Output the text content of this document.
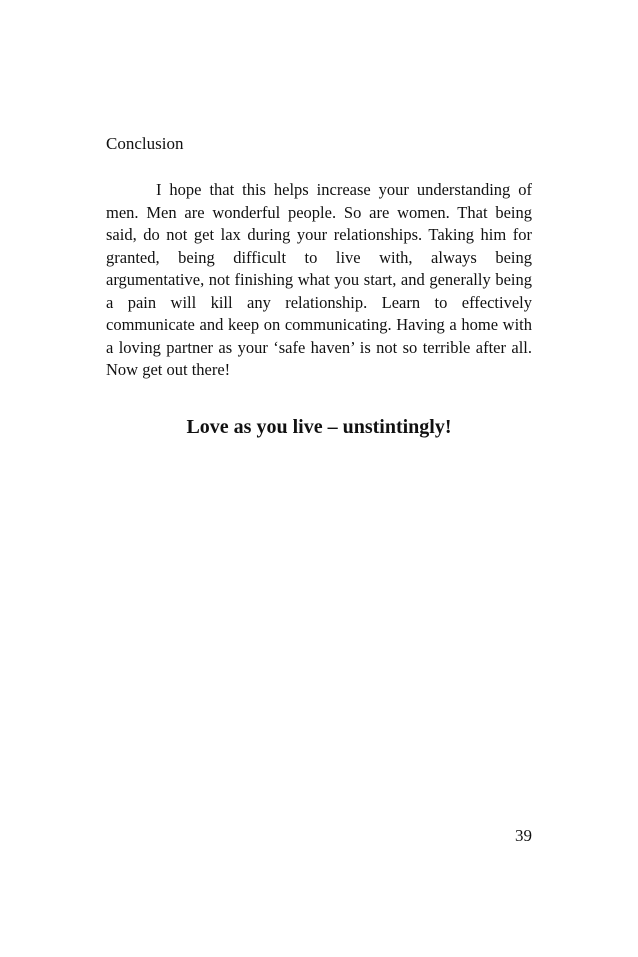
Conclusion

I hope that this helps increase your understanding of men. Men are wonderful people. So are women. That being said, do not get lax during your relationships. Taking him for granted, being difficult to live with, always being argumentative, not finishing what you start, and generally being a pain will kill any relationship. Learn to effectively communicate and keep on communicating. Having a home with a loving partner as your ‘safe haven’ is not so terrible after all. Now get out there!

Love as you live – unstintingly!
39
